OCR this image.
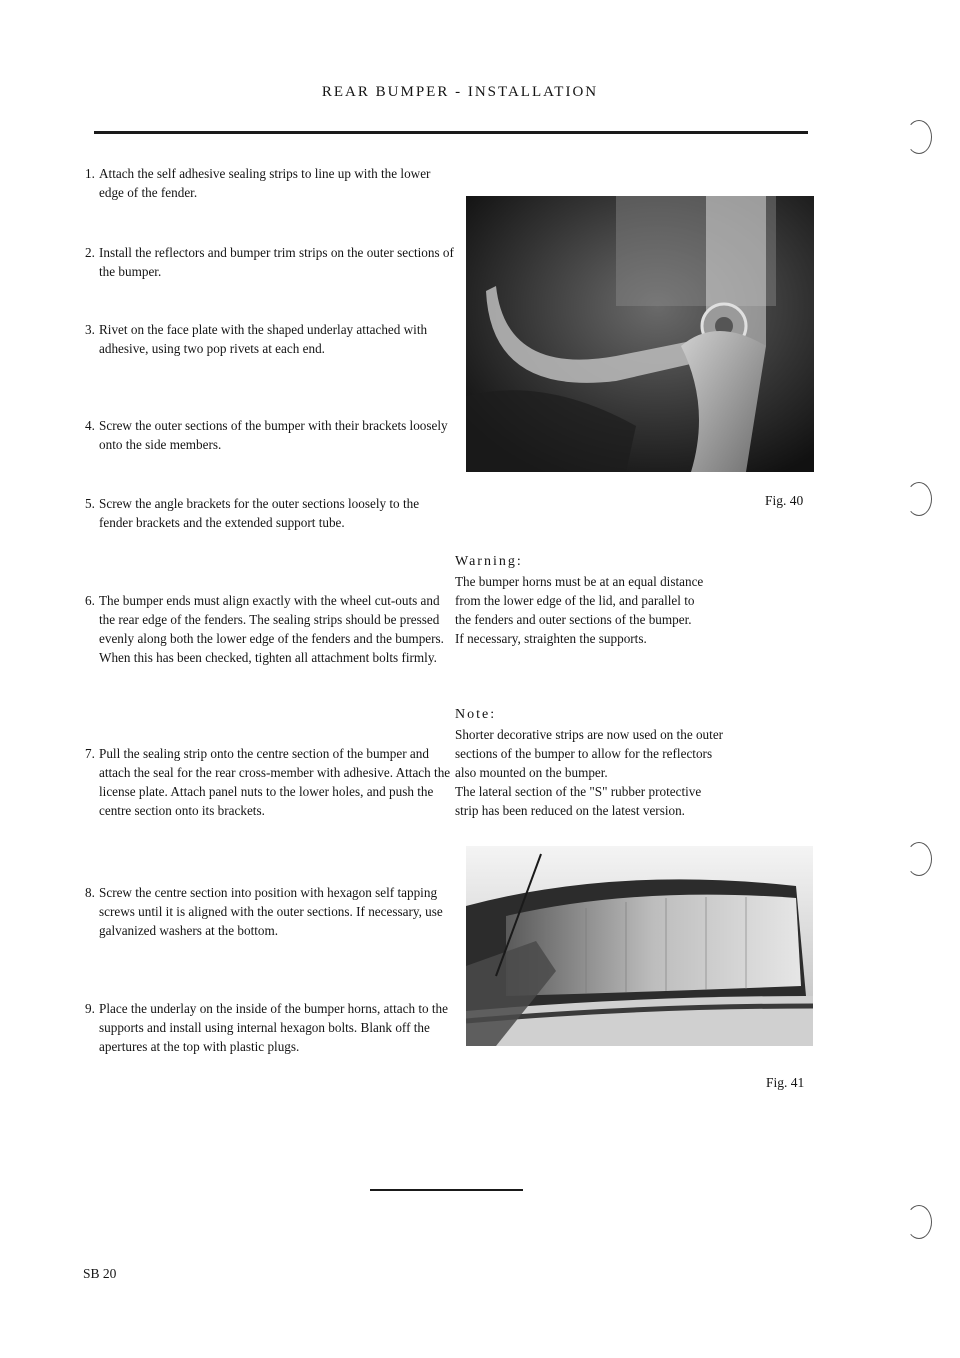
REAR BUMPER - INSTALLATION
1. Attach the self adhesive sealing strips to line up with the lower edge of the fender.
2. Install the reflectors and bumper trim strips on the outer sections of the bumper.
3. Rivet on the face plate with the shaped underlay attached with adhesive, using two pop rivets at each end.
4. Screw the outer sections of the bumper with their brackets loosely onto the side members.
5. Screw the angle brackets for the outer sections loosely to the fender brackets and the extended support tube.
6. The bumper ends must align exactly with the wheel cut-outs and the rear edge of the fenders. The sealing strips should be pressed evenly along both the lower edge of the fenders and the bumpers. When this has been checked, tighten all attachment bolts firmly.
7. Pull the sealing strip onto the centre section of the bumper and attach the seal for the rear cross-member with adhesive. Attach the license plate. Attach panel nuts to the lower holes, and push the centre section onto its brackets.
8. Screw the centre section into position with hexagon self tapping screws until it is aligned with the outer sections. If necessary, use galvanized washers at the bottom.
9. Place the underlay on the inside of the bumper horns, attach to the supports and install using internal hexagon bolts. Blank off the apertures at the top with plastic plugs.
Fig. 40
Warning:
The bumper horns must be at an equal distance
from the lower edge of the lid, and parallel to
the fenders and outer sections of the bumper.
If necessary, straighten the supports.
Note:
Shorter decorative strips are now used on the outer
sections of the bumper to allow for the reflectors
also mounted on the bumper.
The lateral section of the "S" rubber protective
strip has been reduced on the latest version.
Fig. 41
SB 20
